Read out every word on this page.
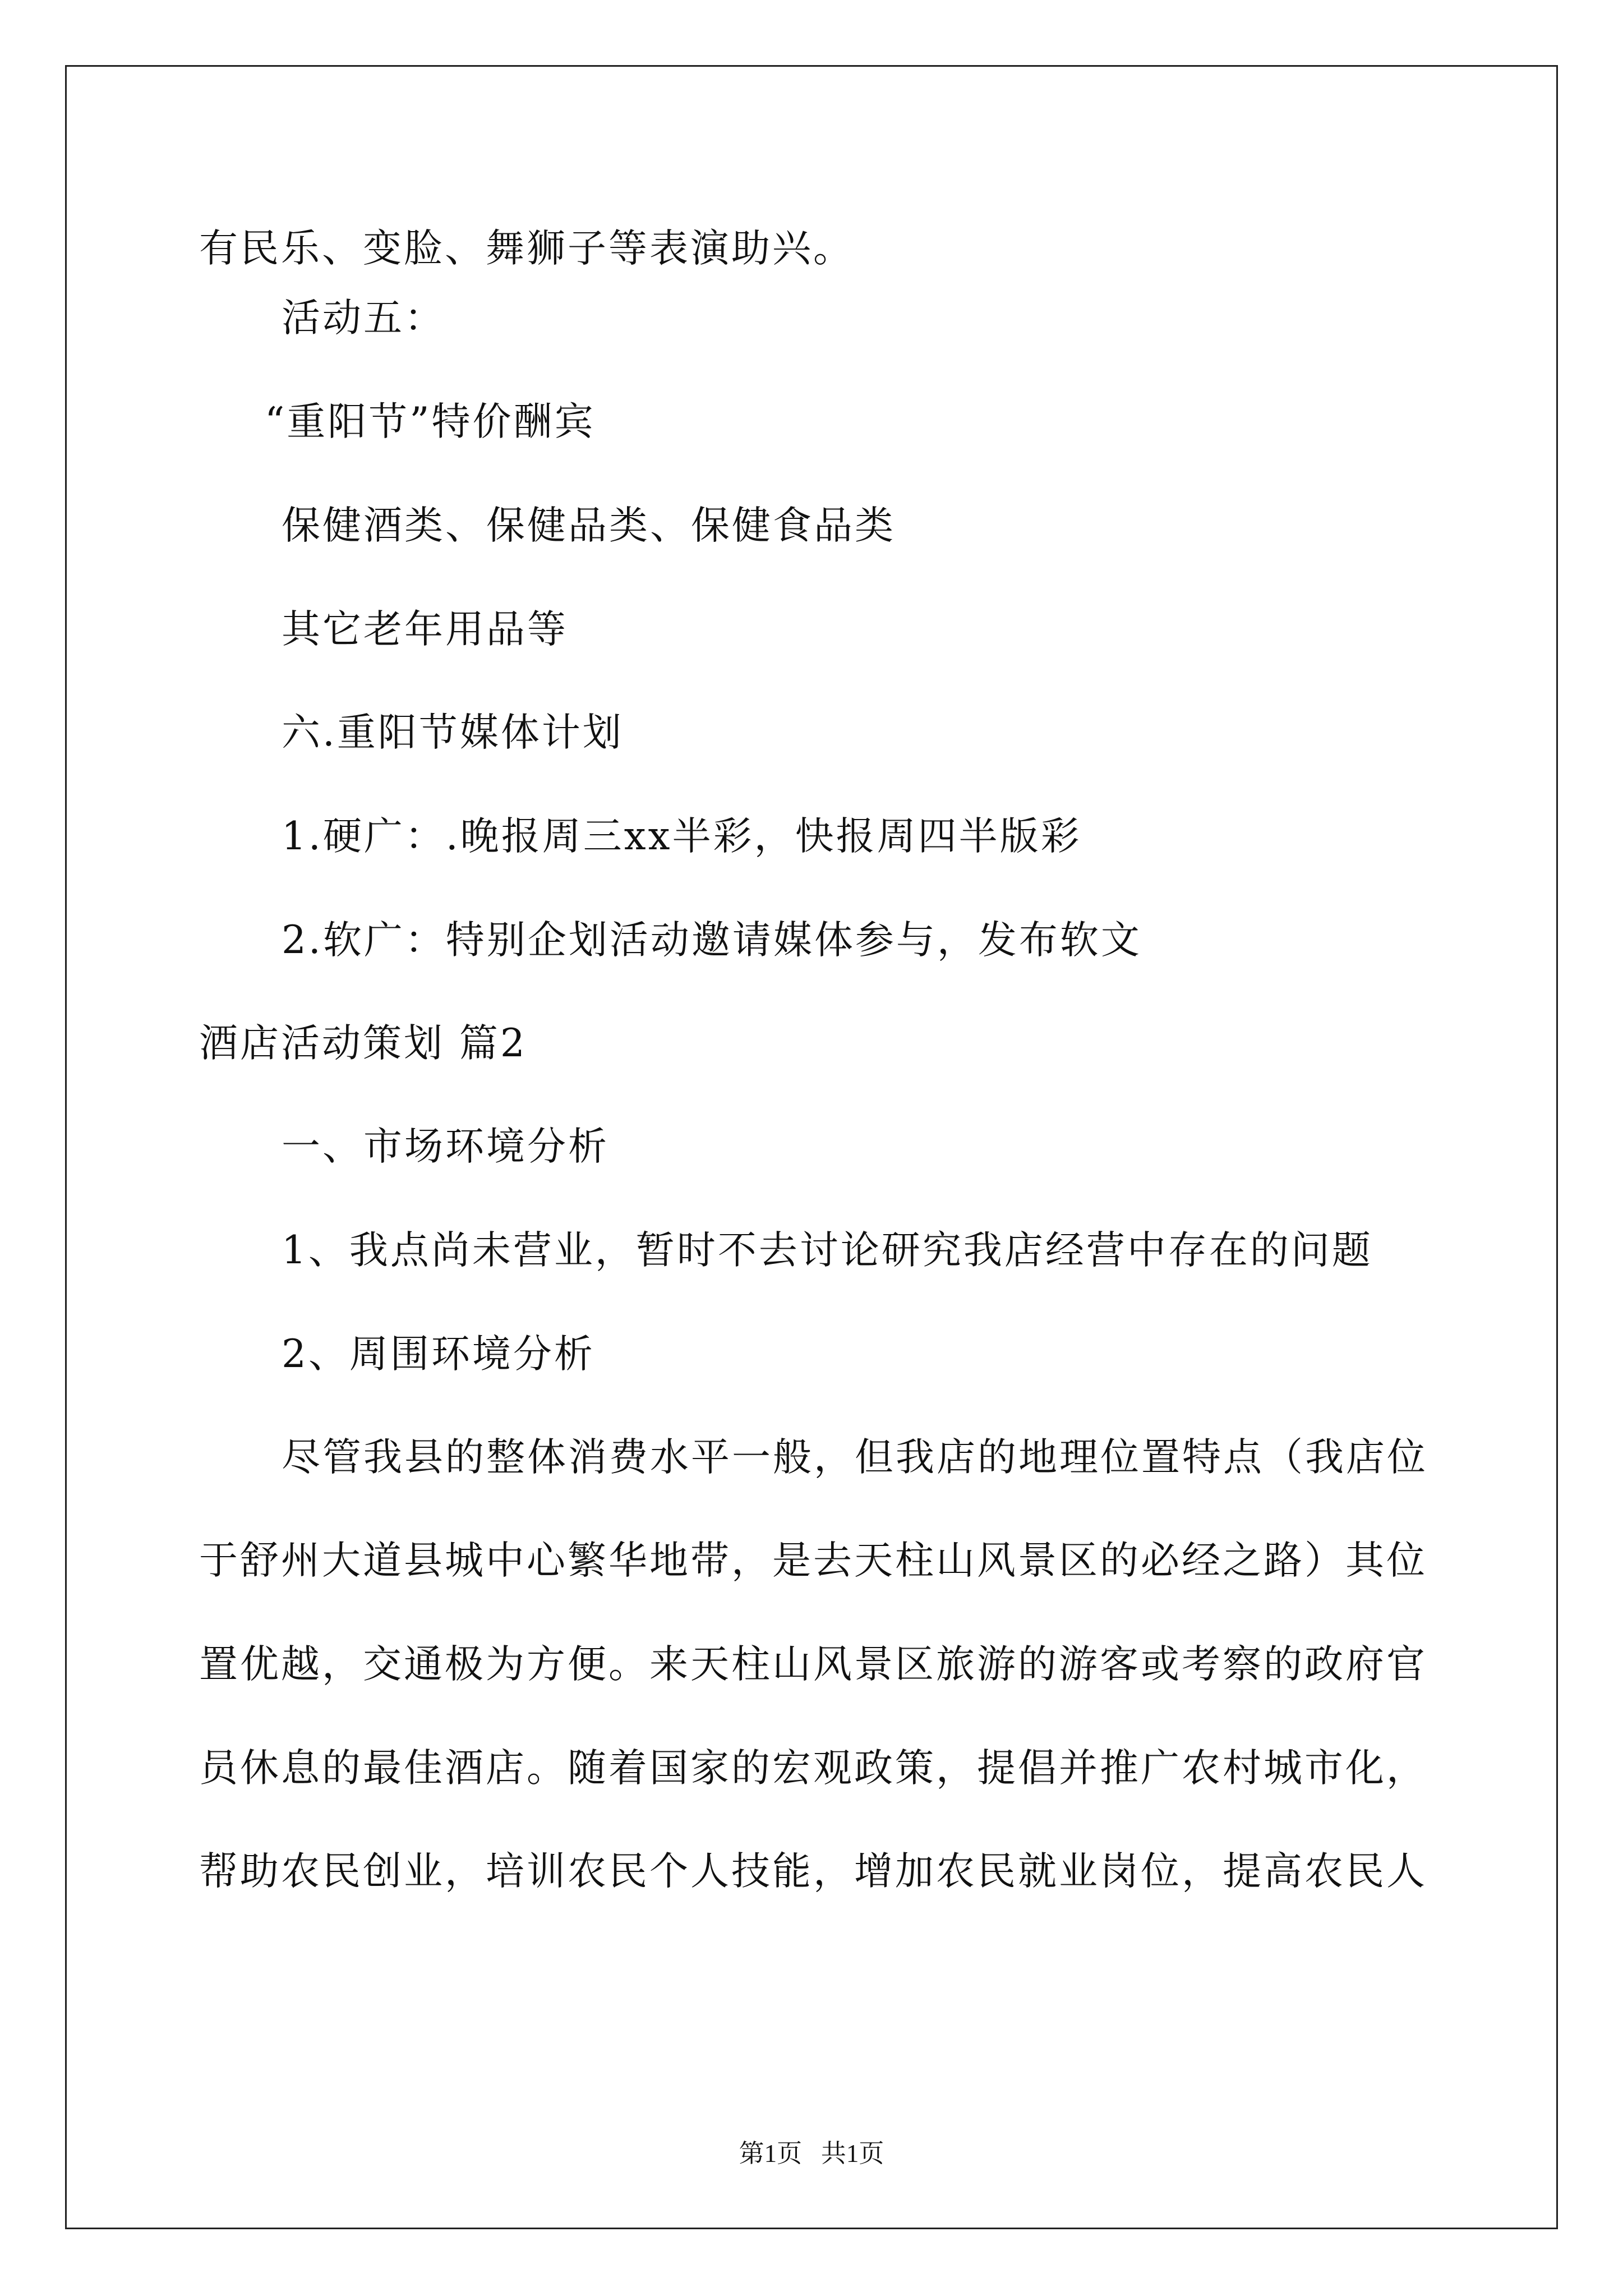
有民乐、变脸、舞狮子等表演助兴。
活动五：
“重阳节”特价酬宾
保健酒类、保健品类、保健食品类
其它老年用品等
六.重阳节媒体计划
1.硬广：.晚报周三xx半彩，快报周四半版彩
2.软广：特别企划活动邀请媒体参与，发布软文
酒店活动策划 篇2
一、市场环境分析
1、我点尚未营业，暂时不去讨论研究我店经营中存在的问题
2、周围环境分析
尽管我县的整体消费水平一般，但我店的地理位置特点（我店位
于舒州大道县城中心繁华地带，是去天柱山风景区的必经之路）其位
置优越，交通极为方便。来天柱山风景区旅游的游客或考察的政府官
员休息的最佳酒店。随着国家的宏观政策，提倡并推广农村城市化，
帮助农民创业，培训农民个人技能，增加农民就业岗位，提高农民人
第1页   共1页
